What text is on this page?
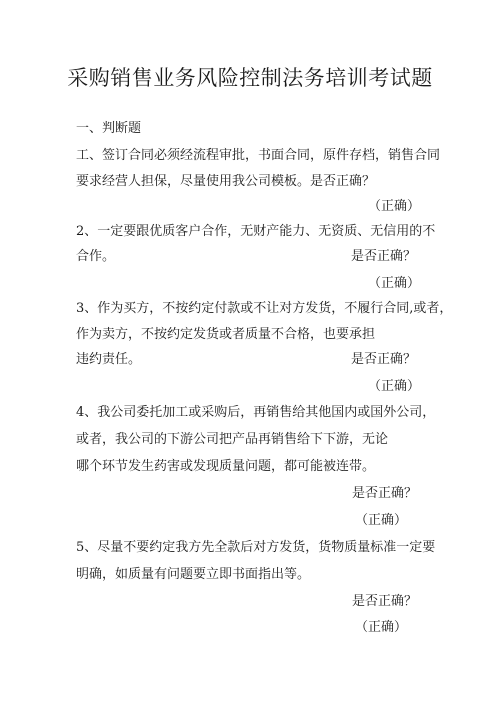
采购销售业务风险控制法务培训考试题
一、判断题
工、签订合同必须经流程审批，书面合同，原件存档，销售合同
要求经营人担保，尽量使用我公司模板。是否正确？
（正确）
2、一定要跟优质客户合作，无财产能力、无资质、无信用的不
合作。	是否正确？
（正确）
3、作为买方，不按约定付款或不让对方发货，不履行合同,或者，
作为卖方，不按约定发货或者质量不合格，也要承担
违约责任。	是否正确？
（正确）
4、我公司委托加工或采购后，再销售给其他国内或国外公司，
或者，我公司的下游公司把产品再销售给下下游，无论
哪个环节发生药害或发现质量问题，都可能被连带。
是否正确？
（正确）
5、尽量不要约定我方先全款后对方发货，货物质量标准一定要
明确，如质量有问题要立即书面指出等。
是否正确？
（正确）
